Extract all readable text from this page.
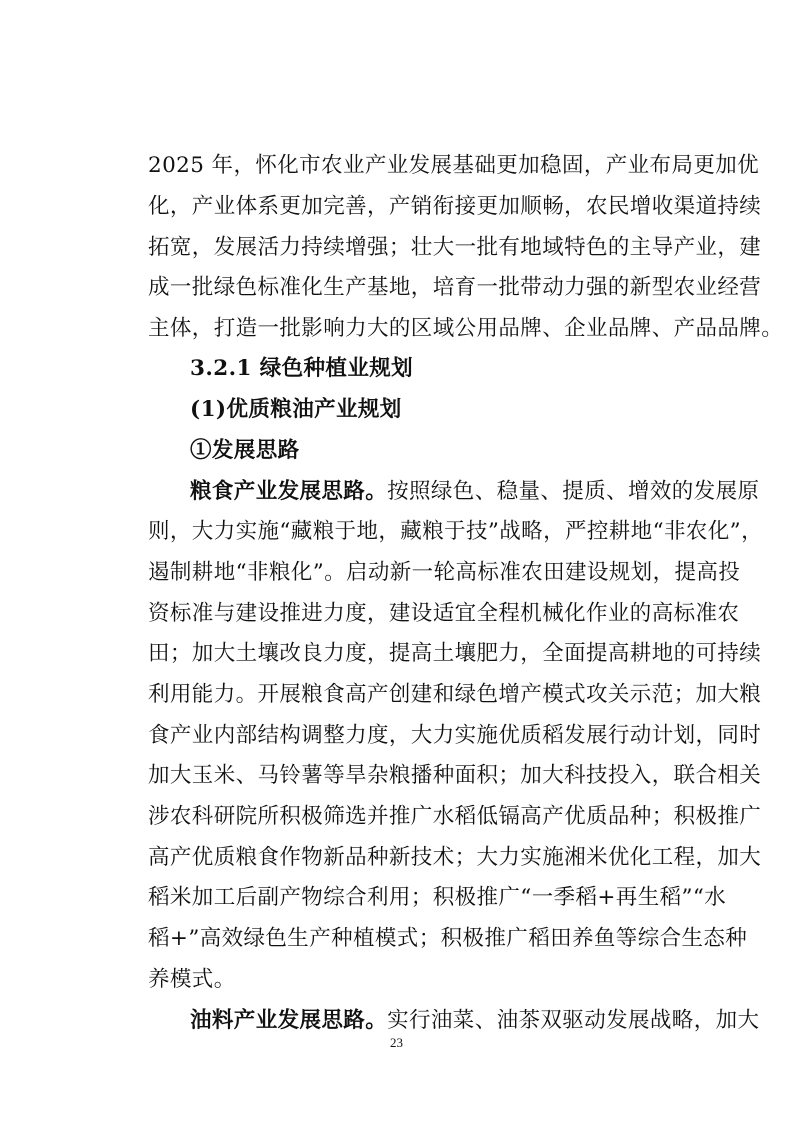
2025 年，怀化市农业产业发展基础更加稳固，产业布局更加优
化，产业体系更加完善，产销衔接更加顺畅，农民增收渠道持续
拓宽，发展活力持续增强；壮大一批有地域特色的主导产业，建
成一批绿色标准化生产基地，培育一批带动力强的新型农业经营
主体，打造一批影响力大的区域公用品牌、企业品牌、产品品牌。
3.2.1 绿色种植业规划
(1)优质粮油产业规划
①发展思路
粮食产业发展思路。按照绿色、稳量、提质、增效的发展原
则，大力实施“藏粮于地，藏粮于技”战略，严控耕地“非农化”，
遏制耕地“非粮化”。启动新一轮高标准农田建设规划，提高投
资标准与建设推进力度，建设适宜全程机械化作业的高标准农
田；加大土壤改良力度，提高土壤肥力，全面提高耕地的可持续
利用能力。开展粮食高产创建和绿色增产模式攻关示范；加大粮
食产业内部结构调整力度，大力实施优质稻发展行动计划，同时
加大玉米、马铃薯等旱杂粮播种面积；加大科技投入，联合相关
涉农科研院所积极筛选并推广水稻低镉高产优质品种；积极推广
高产优质粮食作物新品种新技术；大力实施湘米优化工程，加大
稻米加工后副产物综合利用；积极推广“一季稻+再生稻”“水
稻+”高效绿色生产种植模式；积极推广稻田养鱼等综合生态种
养模式。
油料产业发展思路。实行油菜、油茶双驱动发展战略，加大
23
